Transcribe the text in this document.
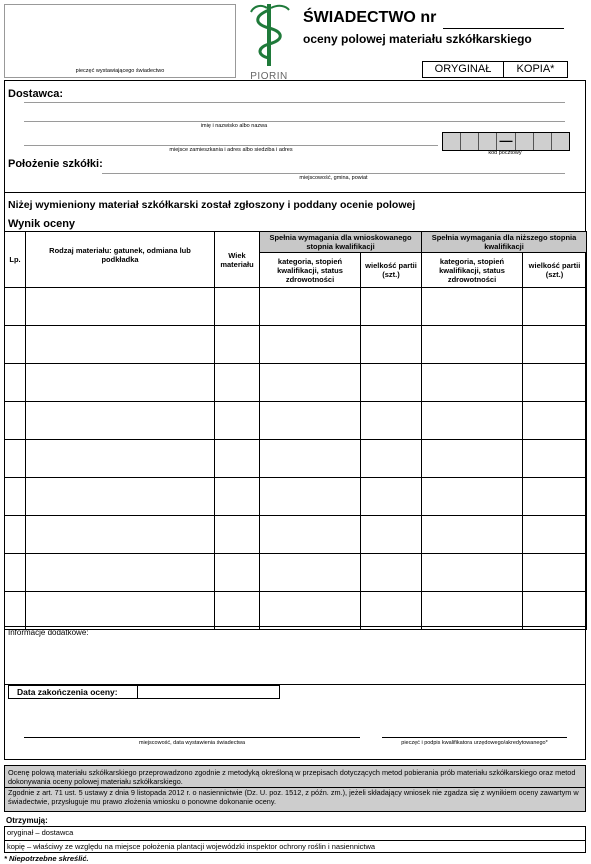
pieczęć wystawiającego świadectwo	PIORIN
ŚWIADECTWO nr
oceny polowej materiału szkółkarskiego
ORYGINAŁ	KOPIA*
Dostawca:
imię i nazwisko albo nazwa
miejsce zamieszkania i adres albo siedziba i adres
—
kod pocztowy
Położenie szkółki:
miejscowość, gmina, powiat
Niżej wymieniony materiał szkółkarski został zgłoszony i poddany ocenie polowej
Wynik oceny
Lp.	Rodzaj materiału: gatunek, odmiana lub podkładka	Wiek materiału	Spełnia wymagania dla wnioskowanego stopnia kwalifikacji		Spełnia wymagania dla niższego stopnia kwalifikacji	
			kategoria, stopień kwalifikacji, status zdrowotności	wielkość partii (szt.)	kategoria, stopień kwalifikacji, status zdrowotności	wielkość partii (szt.)

Informacje dodatkowe:
Data zakończenia oceny:
miejscowość, data wystawienia świadectwa	pieczęć i podpis kwalifikatora urzędowego/akredytowanego*
Ocenę polową materiału szkółkarskiego przeprowadzono zgodnie z metodyką określoną w przepisach dotyczących metod pobierania prób materiału szkółkarskiego oraz metod dokonywania oceny polowej materiału szkółkarskiego.
Zgodnie z art. 71 ust. 5 ustawy z dnia 9 listopada 2012 r. o nasiennictwie (Dz. U. poz. 1512, z późn. zm.), jeżeli składający wniosek nie zgadza się z wynikiem oceny zawartym w świadectwie, przysługuje mu prawo złożenia wniosku o ponowne dokonanie oceny.
Otrzymują:
oryginał – dostawca
kopię – właściwy ze względu na miejsce położenia plantacji wojewódzki inspektor ochrony roślin i nasiennictwa
* Niepotrzebne skreślić.
